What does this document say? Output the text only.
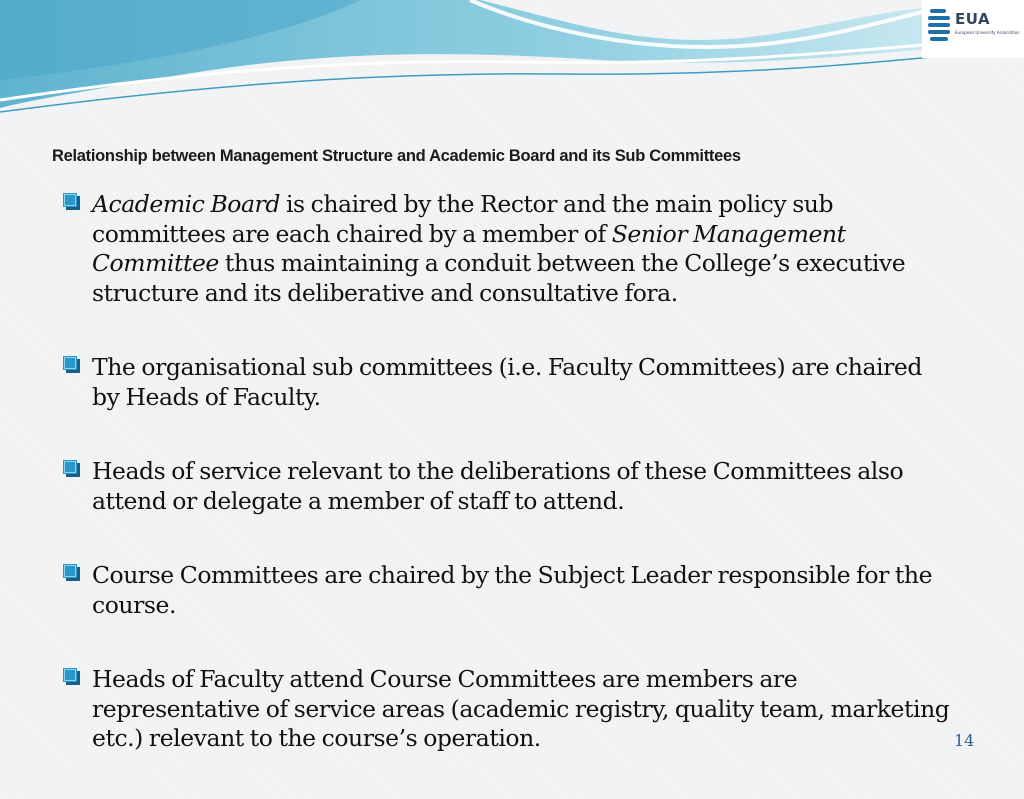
EUA
European University Association
Relationship between Management Structure and Academic Board and its Sub Committees
Academic Board is chaired by the Rector and the main policy sub committees are each chaired by a member of Senior Management Committee thus maintaining a conduit between the College’s executive structure and its deliberative and consultative fora.
The organisational sub committees (i.e. Faculty Committees) are chaired by Heads of Faculty.
Heads of service relevant to the deliberations of these Committees also attend or delegate a member of staff to attend.
Course Committees are chaired by the Subject Leader responsible for the course.
Heads of Faculty attend Course Committees are members are representative of service areas (academic registry, quality team, marketing etc.) relevant to the course’s operation.	14
